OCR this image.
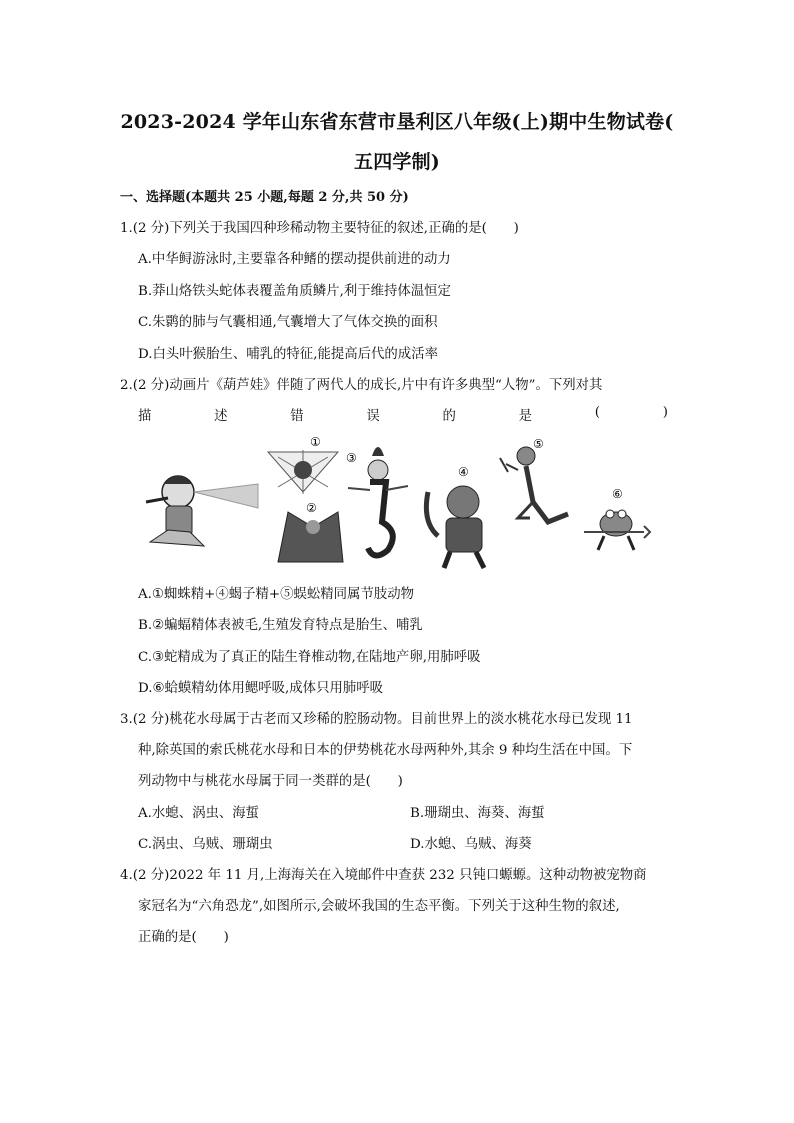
2023-2024 学年山东省东营市垦利区八年级(上)期中生物试卷(
五四学制)
一、选择题(本题共 25 小题,每题 2 分,共 50 分)
1.(2 分)下列关于我国四种珍稀动物主要特征的叙述,正确的是(　　)
A.中华鲟游泳时,主要靠各种鳍的摆动提供前进的动力
B.莽山烙铁头蛇体表覆盖角质鳞片,利于维持体温恒定
C.朱鹮的肺与气囊相通,气囊增大了气体交换的面积
D.白头叶猴胎生、哺乳的特征,能提高后代的成活率
2.(2 分)动画片《葫芦娃》伴随了两代人的成长,片中有许多典型“人物”。下列对其
描	述	错	误	的	是	(	)
①
②
③
④
⑤
⑥
A.①蜘蛛精+④蝎子精+⑤蜈蚣精同属节肢动物
B.②蝙蝠精体表被毛,生殖发育特点是胎生、哺乳
C.③蛇精成为了真正的陆生脊椎动物,在陆地产卵,用肺呼吸
D.⑥蛤蟆精幼体用鳃呼吸,成体只用肺呼吸
3.(2 分)桃花水母属于古老而又珍稀的腔肠动物。目前世界上的淡水桃花水母已发现 11
种,除英国的索氏桃花水母和日本的伊势桃花水母两种外,其余 9 种均生活在中国。下
列动物中与桃花水母属于同一类群的是(　　)
A.水螅、涡虫、海蜇	B.珊瑚虫、海葵、海蜇
C.涡虫、乌贼、珊瑚虫	D.水螅、乌贼、海葵
4.(2 分)2022 年 11 月,上海海关在入境邮件中查获 232 只钝口螈螈。这种动物被宠物商
家冠名为“六角恐龙”,如图所示,会破坏我国的生态平衡。下列关于这种生物的叙述,
正确的是(　　)
